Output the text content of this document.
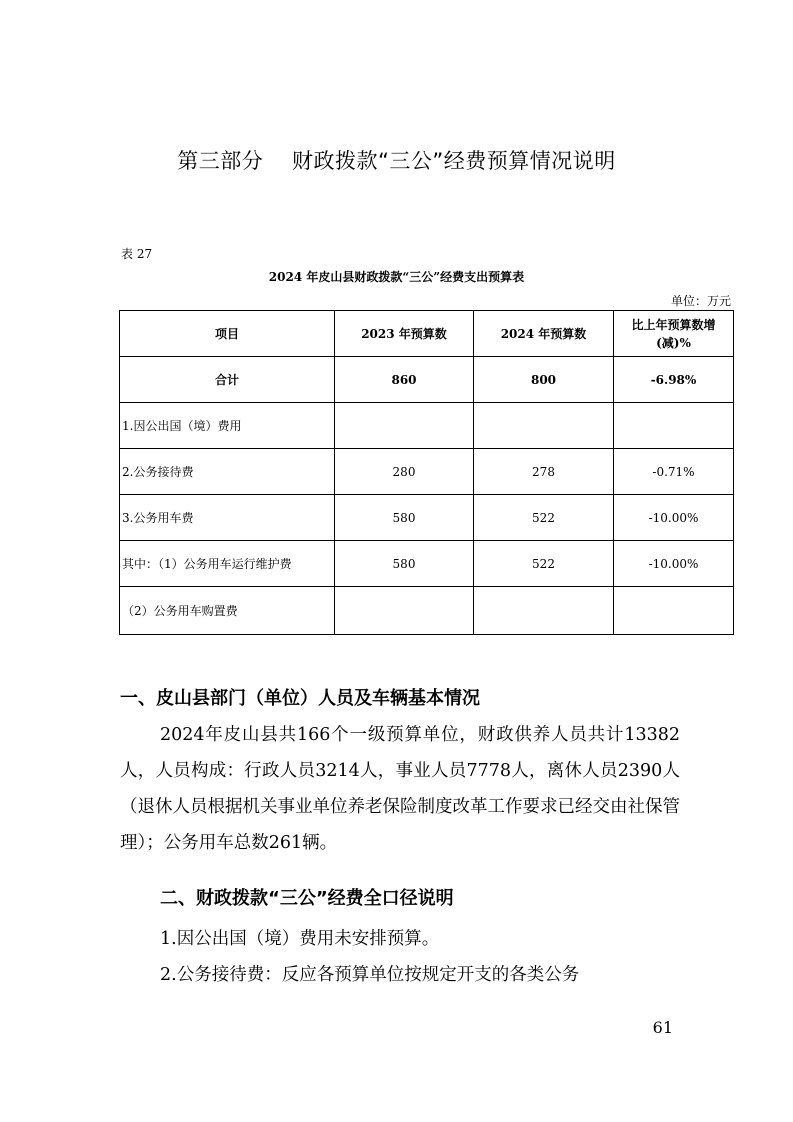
第三部分    财政拨款“三公”经费预算情况说明
表 27
2024 年皮山县财政拨款“三公”经费支出预算表
单位：万元
项目	2023 年预算数	2024 年预算数	比上年预算数增(减)%
合计	860	800	-6.98%
1.因公出国（境）费用			
2.公务接待费	280	278	-0.71%
3.公务用车费	580	522	-10.00%
其中：（1）公务用车运行维护费	580	522	-10.00%
（2）公务用车购置费			
一、皮山县部门（单位）人员及车辆基本情况
2024年皮山县共166个一级预算单位，财政供养人员共计13382人，人员构成：行政人员3214人，事业人员7778人，离休人员2390人（退休人员根据机关事业单位养老保险制度改革工作要求已经交由社保管理）；公务用车总数261辆。
二、财政拨款“三公”经费全口径说明
1.因公出国（境）费用未安排预算。
2.公务接待费：反应各预算单位按规定开支的各类公务
61
